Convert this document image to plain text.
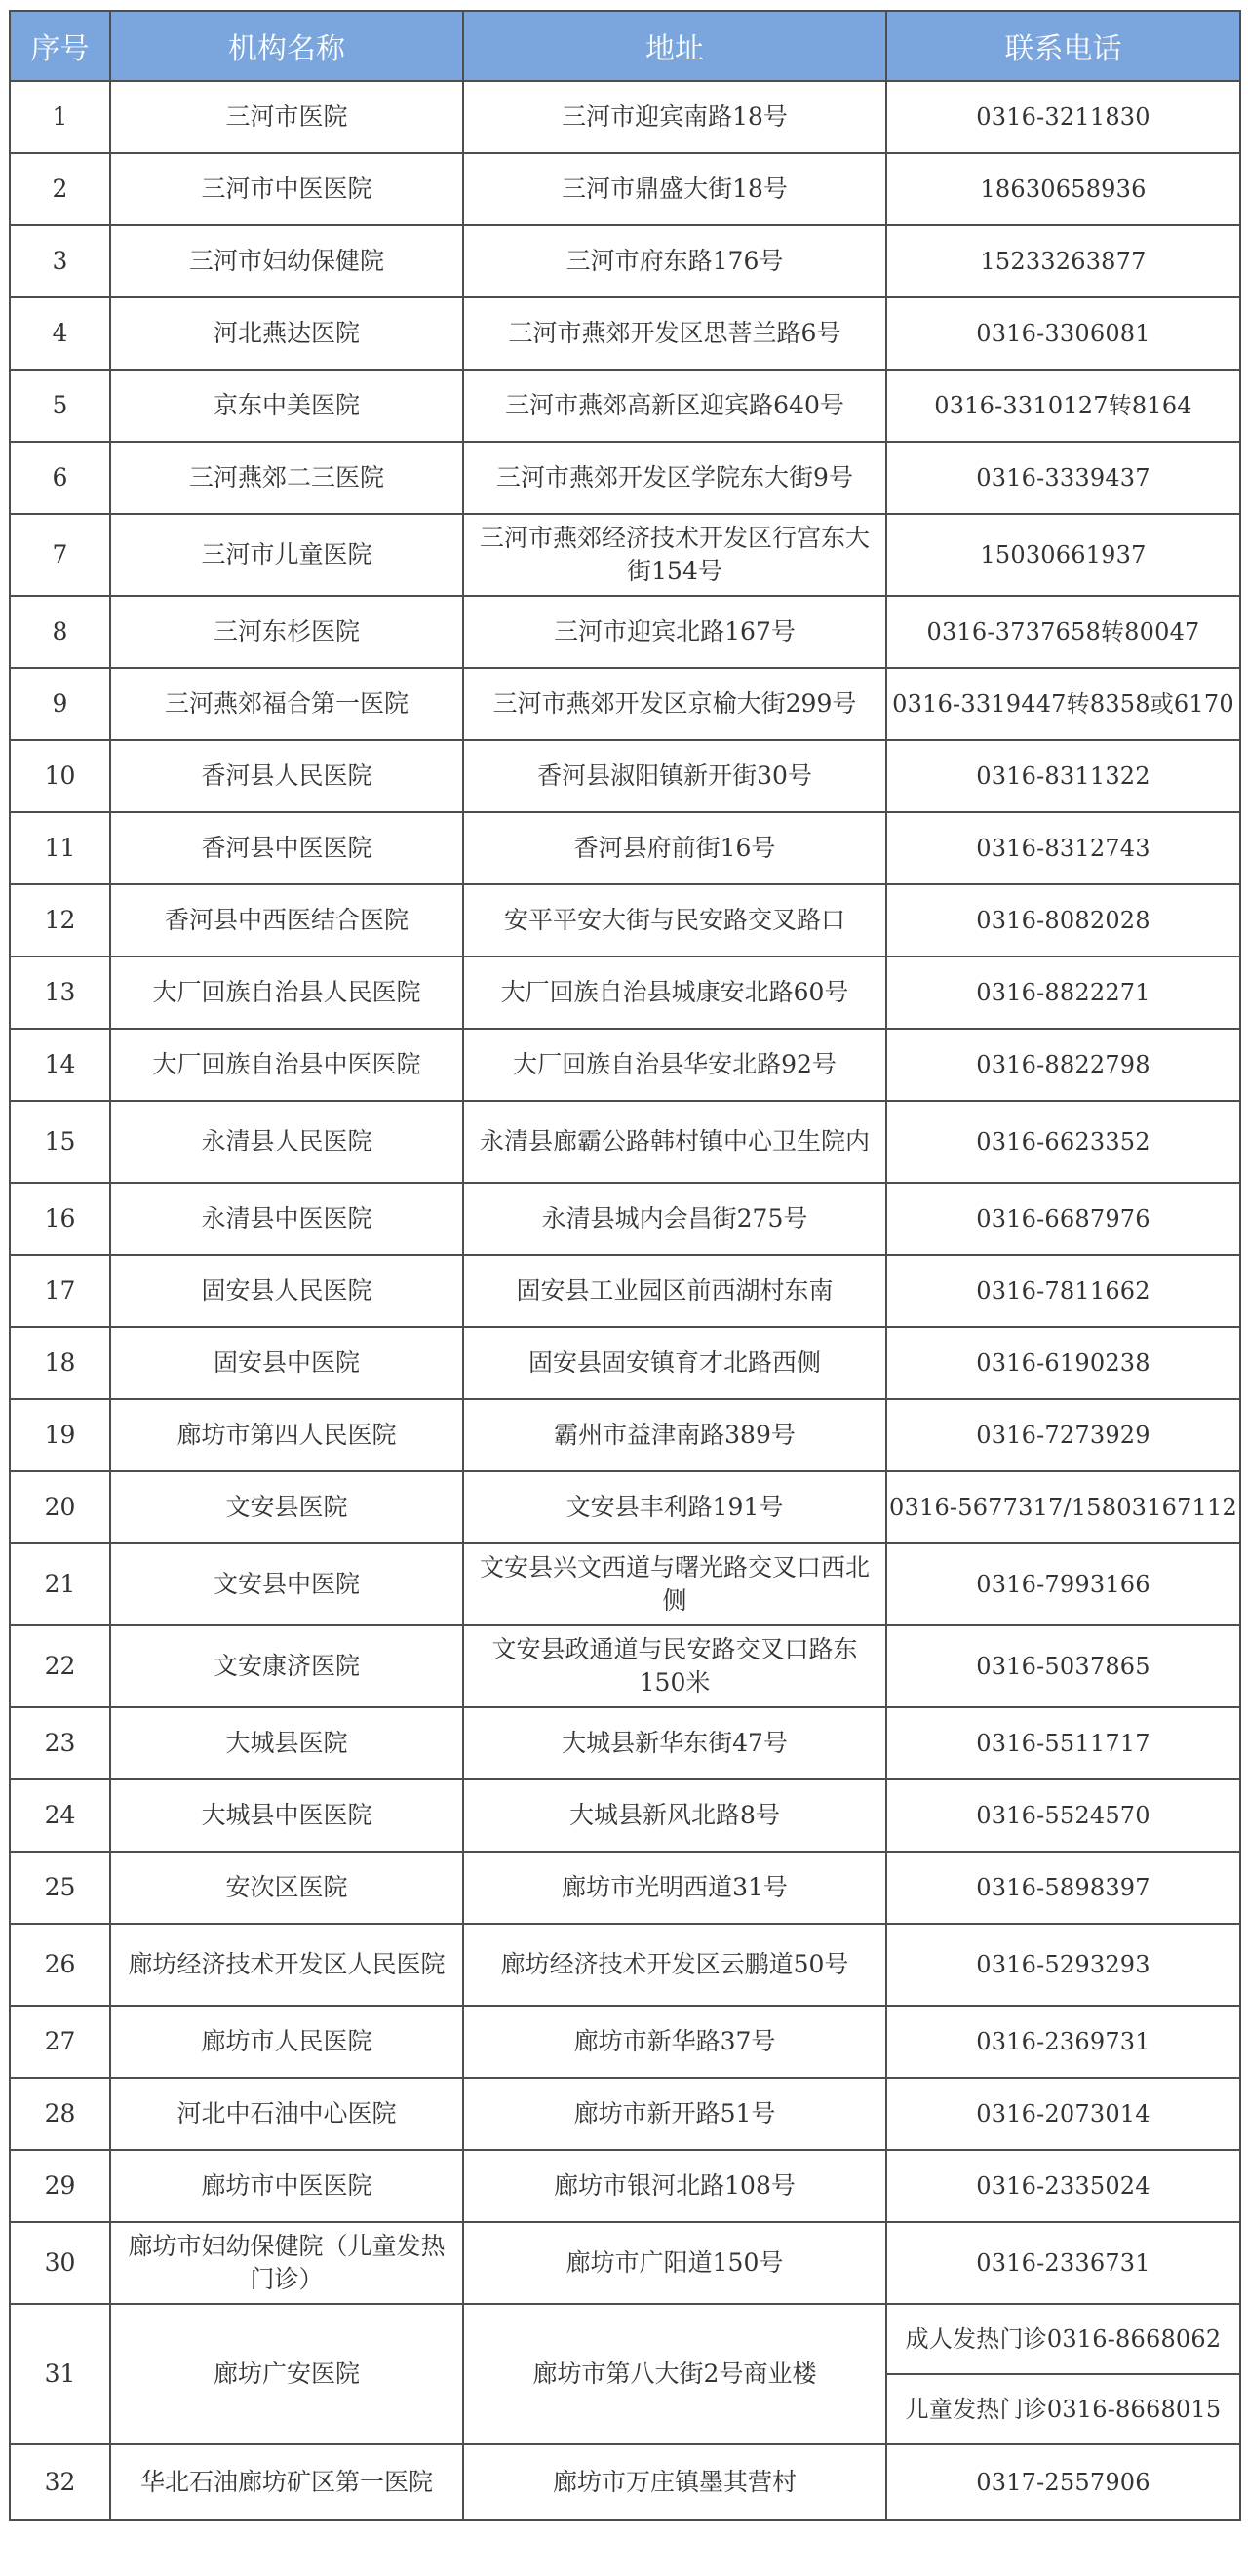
序号	机构名称	地址	联系电话
1	三河市医院	三河市迎宾南路18号	0316-3211830
2	三河市中医医院	三河市鼎盛大街18号	18630658936
3	三河市妇幼保健院	三河市府东路176号	15233263877
4	河北燕达医院	三河市燕郊开发区思菩兰路6号	0316-3306081
5	京东中美医院	三河市燕郊高新区迎宾路640号	0316-3310127转8164
6	三河燕郊二三医院	三河市燕郊开发区学院东大街9号	0316-3339437
7	三河市儿童医院	三河市燕郊经济技术开发区行宫东大街154号	15030661937
8	三河东杉医院	三河市迎宾北路167号	0316-3737658转80047
9	三河燕郊福合第一医院	三河市燕郊开发区京榆大街299号	0316-3319447转8358或6170
10	香河县人民医院	香河县淑阳镇新开街30号	0316-8311322
11	香河县中医医院	香河县府前街16号	0316-8312743
12	香河县中西医结合医院	安平平安大街与民安路交叉路口	0316-8082028
13	大厂回族自治县人民医院	大厂回族自治县城康安北路60号	0316-8822271
14	大厂回族自治县中医医院	大厂回族自治县华安北路92号	0316-8822798
15	永清县人民医院	永清县廊霸公路韩村镇中心卫生院内	0316-6623352
16	永清县中医医院	永清县城内会昌街275号	0316-6687976
17	固安县人民医院	固安县工业园区前西湖村东南	0316-7811662
18	固安县中医院	固安县固安镇育才北路西侧	0316-6190238
19	廊坊市第四人民医院	霸州市益津南路389号	0316-7273929
20	文安县医院	文安县丰利路191号	0316-5677317/15803167112
21	文安县中医院	文安县兴文西道与曙光路交叉口西北侧	0316-7993166
22	文安康济医院	文安县政通道与民安路交叉口路东150米	0316-5037865
23	大城县医院	大城县新华东街47号	0316-5511717
24	大城县中医医院	大城县新风北路8号	0316-5524570
25	安次区医院	廊坊市光明西道31号	0316-5898397
26	廊坊经济技术开发区人民医院	廊坊经济技术开发区云鹏道50号	0316-5293293
27	廊坊市人民医院	廊坊市新华路37号	0316-2369731
28	河北中石油中心医院	廊坊市新开路51号	0316-2073014
29	廊坊市中医医院	廊坊市银河北路108号	0316-2335024
30	廊坊市妇幼保健院（儿童发热门诊）	廊坊市广阳道150号	0316-2336731
31	廊坊广安医院	廊坊市第八大街2号商业楼	成人发热门诊0316-8668062
			儿童发热门诊0316-8668015
32	华北石油廊坊矿区第一医院	廊坊市万庄镇墨其营村	0317-2557906
